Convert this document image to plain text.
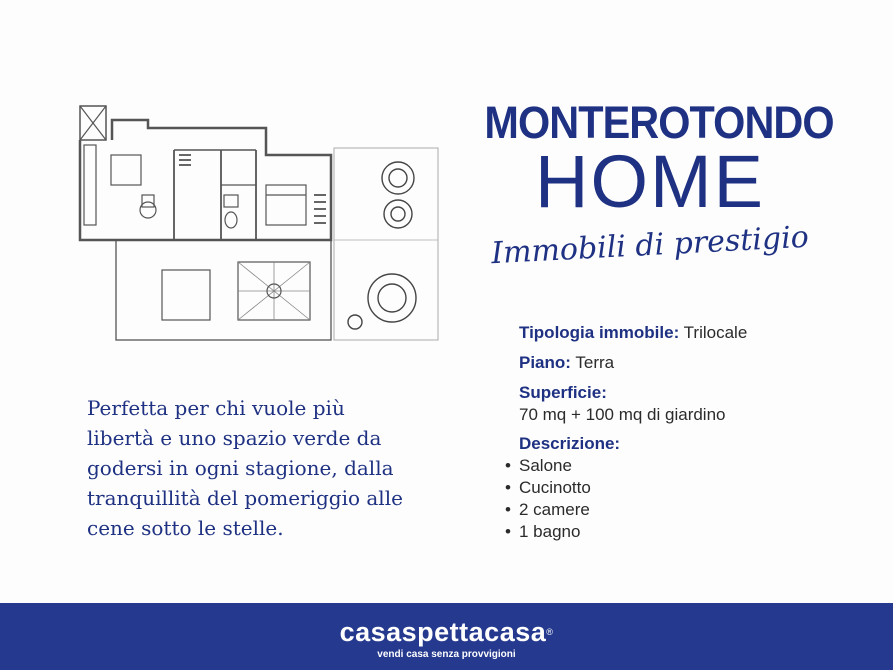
MONTEROTONDO
HOME
Immobili di prestigio
Tipologia immobile: Trilocale
Piano: Terra
Superficie:
70 mq + 100 mq di giardino
Descrizione:
• Salone
• Cucinotto
• 2 camere
• 1 bagno
Perfetta per chi vuole più libertà e uno spazio verde da godersi in ogni stagione, dalla tranquillità del pomeriggio alle cene sotto le stelle.
casaspettacasa®
vendi casa senza provvigioni
